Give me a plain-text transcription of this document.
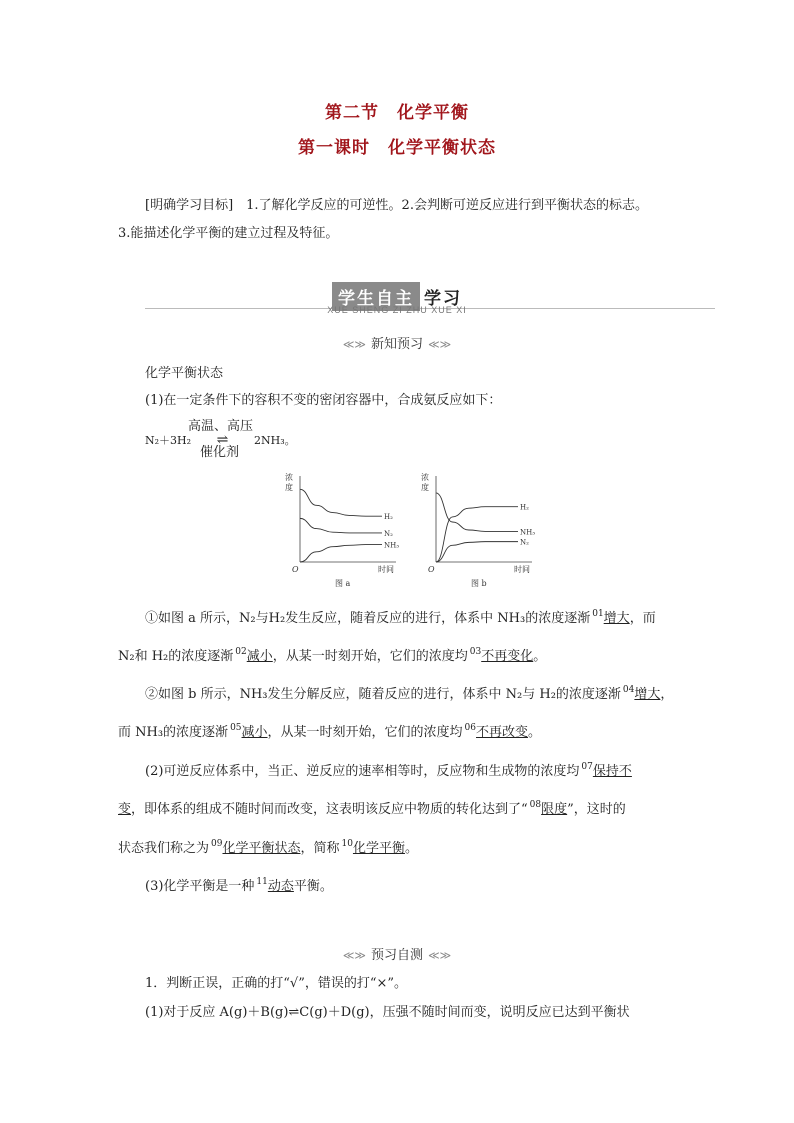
第二节　化学平衡
第一课时　化学平衡状态
[明确学习目标]　1.了解化学反应的可逆性。2.会判断可逆反应进行到平衡状态的标志。
3.能描述化学平衡的建立过程及特征。
学生自主 学习
XUE SHENG ZI ZHU XUE XI
≪≫ 新知预习 ≪≫
化学平衡状态
(1)在一定条件下的容积不变的密闭容器中，合成氨反应如下：
高温、高压
N₂＋3H₂ ⇌ 2NH₃。
催化剂
浓
度
时间
O
图 a
H₂
N₂
NH₃
浓
度
时间
O
图 b
H₂
NH₃
N₂
①如图 a 所示，N₂与H₂发生反应，随着反应的进行，体系中 NH₃的浓度逐渐 $^{01}$增大，而
N₂和 H₂的浓度逐渐 $^{02}$减小，从某一时刻开始，它们的浓度均 $^{03}$不再变化。
②如图 b 所示，NH₃发生分解反应，随着反应的进行，体系中 N₂与 H₂的浓度逐渐 $^{04}$增大，
而 NH₃的浓度逐渐 $^{05}$减小，从某一时刻开始，它们的浓度均 $^{06}$不再改变。
(2)可逆反应体系中，当正、逆反应的速率相等时，反应物和生成物的浓度均 $^{07}$保持不
变，即体系的组成不随时间而改变，这表明该反应中物质的转化达到了“ $^{08}$限度”，这时的
状态我们称之为 $^{09}$化学平衡状态，简称 $^{10}$化学平衡。
(3)化学平衡是一种 $^{11}$动态平衡。
≪≫ 预习自测 ≪≫
1．判断正误，正确的打“√”，错误的打“×”。
(1)对于反应 A(g)＋B(g)⇌C(g)＋D(g)，压强不随时间而变，说明反应已达到平衡状
